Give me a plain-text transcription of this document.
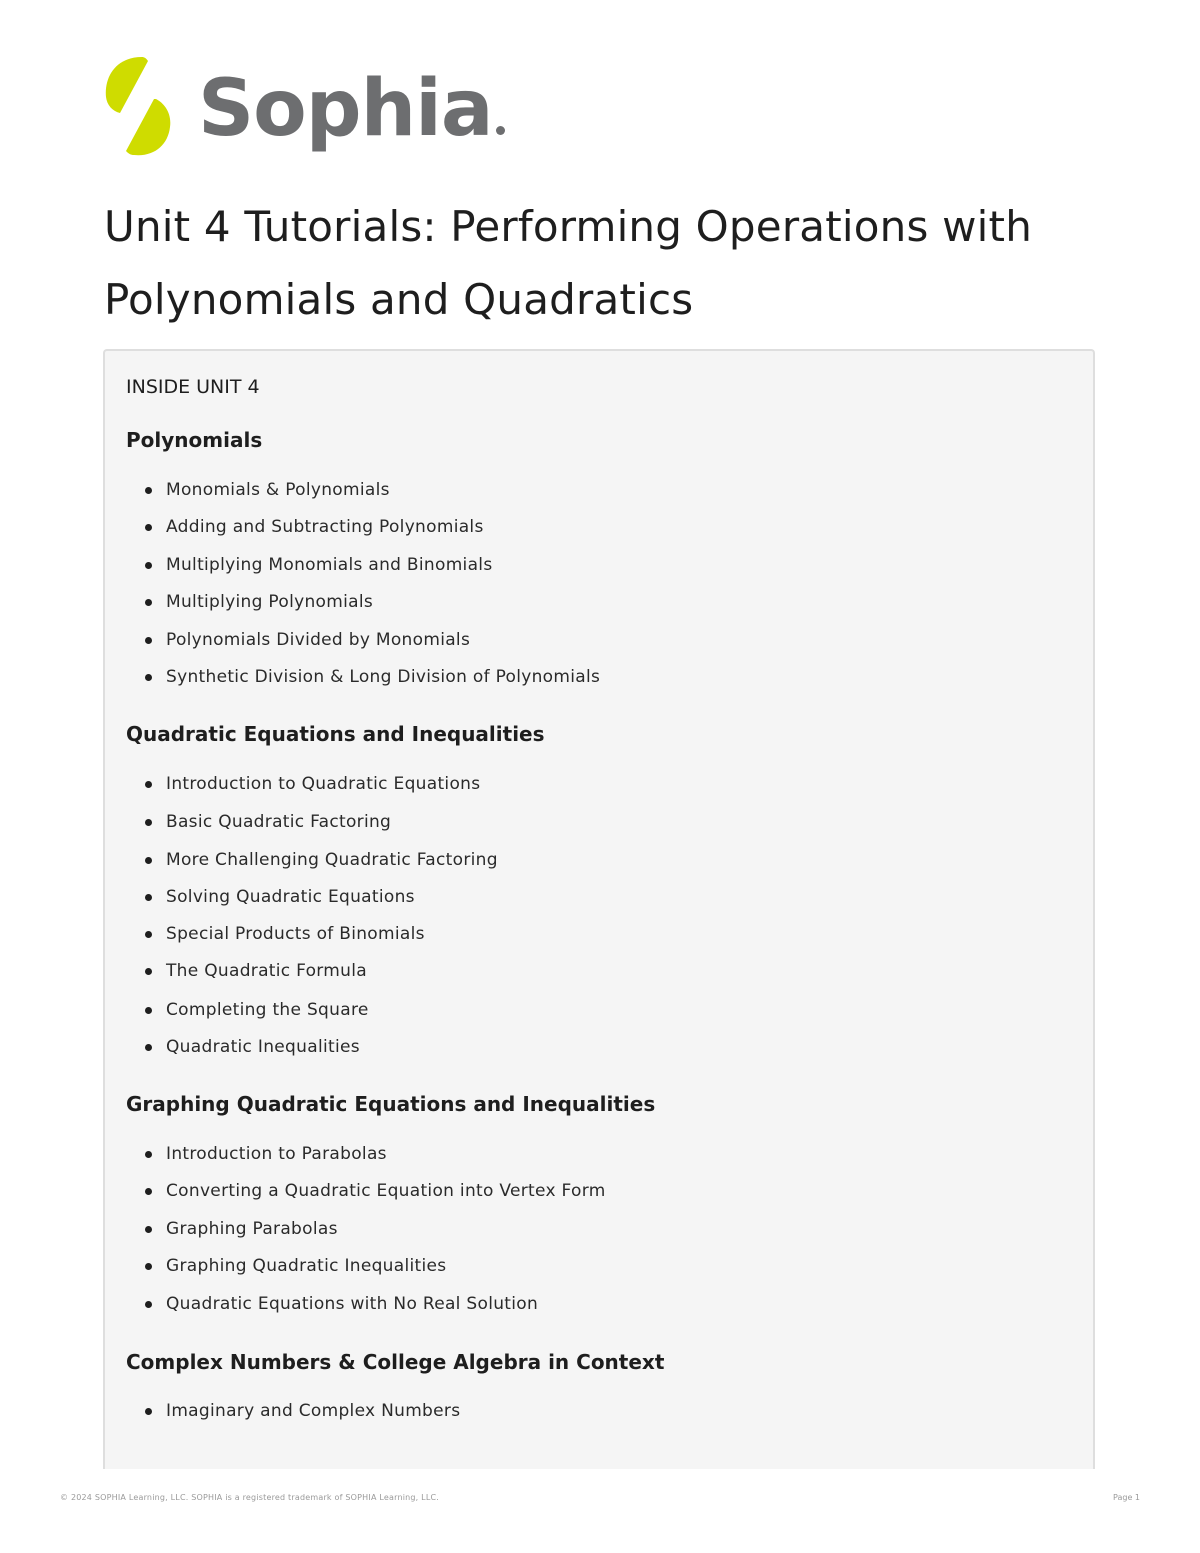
Sophia
Unit 4 Tutorials: Performing Operations with Polynomials and Quadratics

INSIDE UNIT 4

Polynomials
Monomials & Polynomials
Adding and Subtracting Polynomials
Multiplying Monomials and Binomials
Multiplying Polynomials
Polynomials Divided by Monomials
Synthetic Division & Long Division of Polynomials
Quadratic Equations and Inequalities
Introduction to Quadratic Equations
Basic Quadratic Factoring
More Challenging Quadratic Factoring
Solving Quadratic Equations
Special Products of Binomials
The Quadratic Formula
Completing the Square
Quadratic Inequalities
Graphing Quadratic Equations and Inequalities
Introduction to Parabolas
Converting a Quadratic Equation into Vertex Form
Graphing Parabolas
Graphing Quadratic Inequalities
Quadratic Equations with No Real Solution
Complex Numbers & College Algebra in Context
Imaginary and Complex Numbers
© 2024 SOPHIA Learning, LLC. SOPHIA is a registered trademark of SOPHIA Learning, LLC.	Page 1
